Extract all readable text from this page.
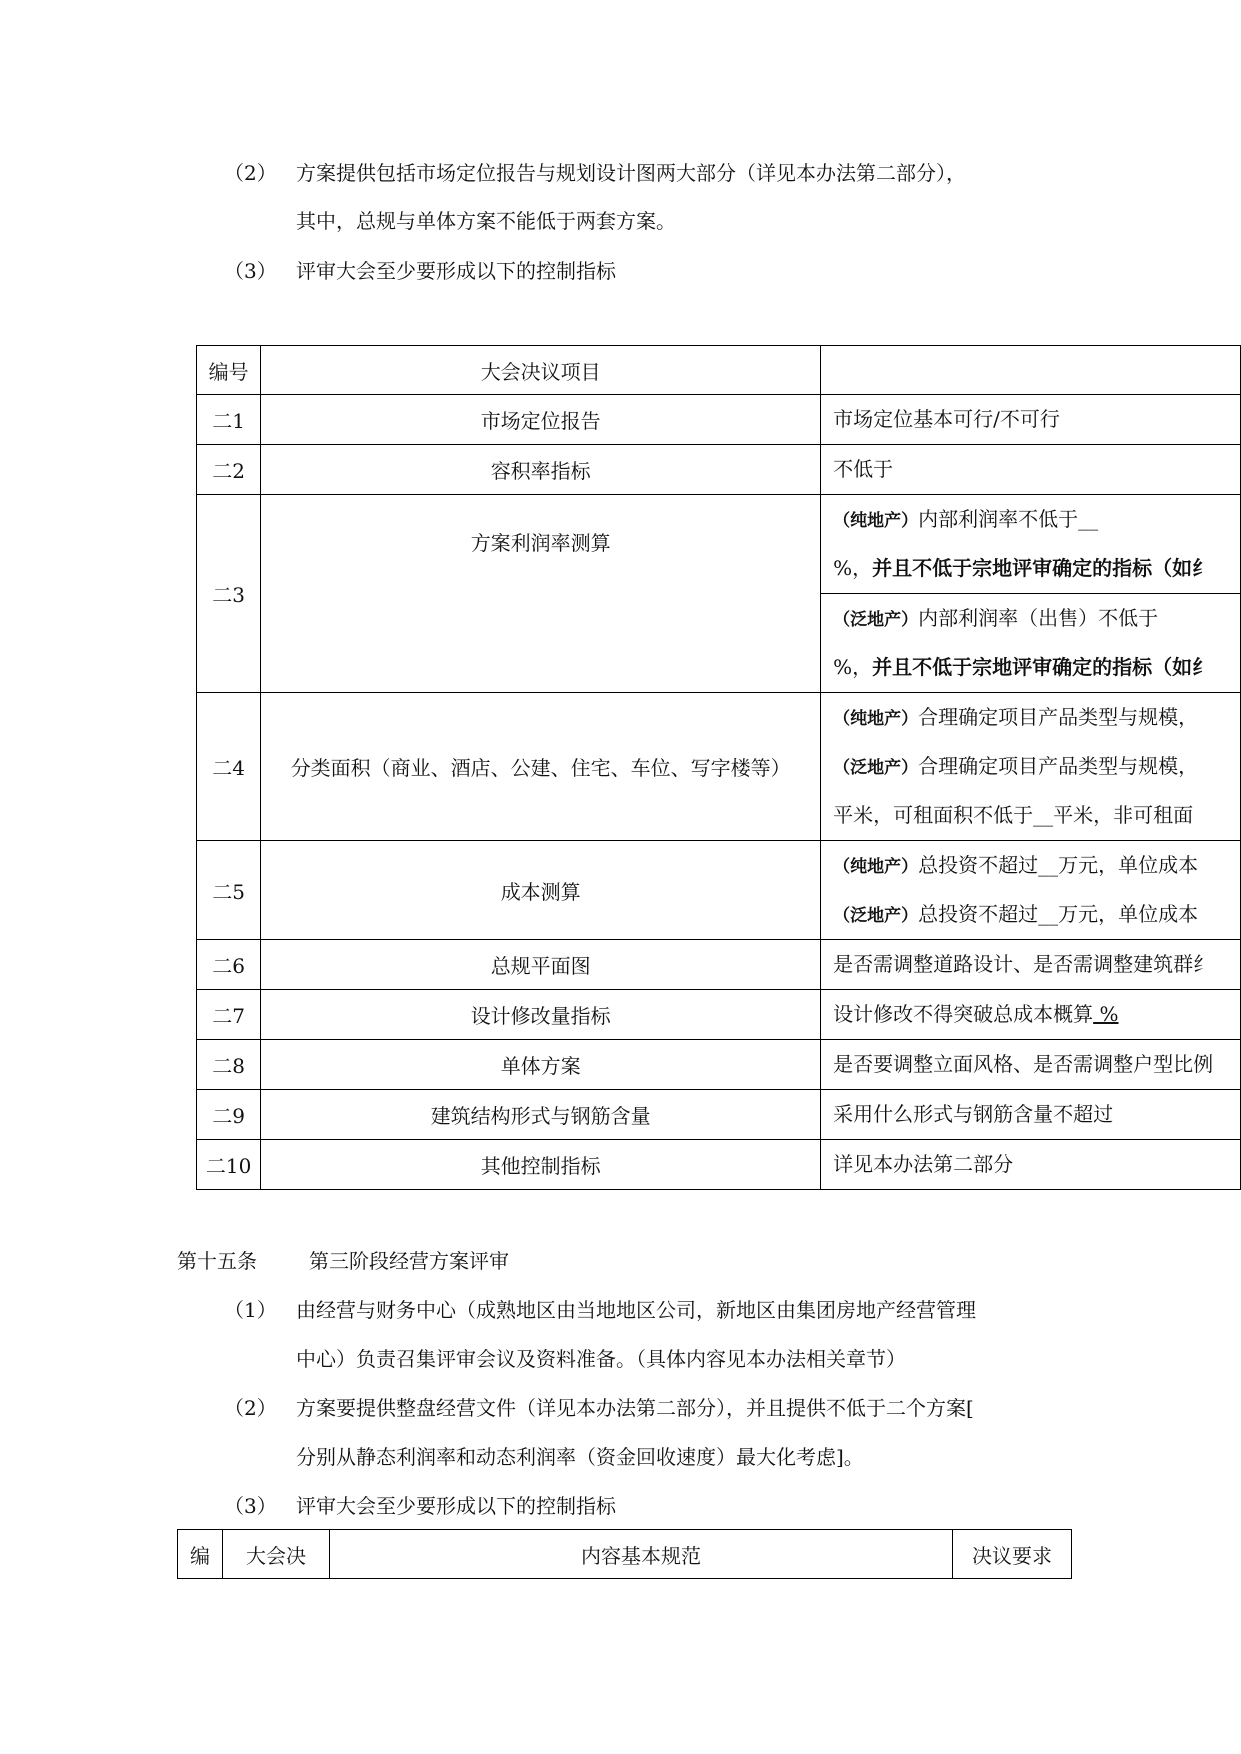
（2） 方案提供包括市场定位报告与规划设计图两大部分（详见本办法第二部分），
其中，总规与单体方案不能低于两套方案。
（3） 评审大会至少要形成以下的控制指标
编号	大会决议项目	
二1	市场定位报告	市场定位基本可行/不可行

二2	容积率指标	不低于

二3	方案利润率测算	（纯地产）内部利润率不低于__
%，并且不低于宗地评审确定的指标（如纟
（泛地产）内部利润率（出售）不低于
%，并且不低于宗地评审确定的指标（如纟

二4	分类面积（商业、酒店、公建、住宅、车位、写字楼等）	（纯地产）合理确定项目产品类型与规模，
（泛地产）合理确定项目产品类型与规模，
平米，可租面积不低于__平米，非可租面

二5	成本测算	（纯地产）总投资不超过__万元，单位成本
（泛地产）总投资不超过__万元，单位成本

二6	总规平面图	是否需调整道路设计、是否需调整建筑群纟

二7	设计修改量指标	设计修改不得突破总成本概算 %

二8	单体方案	是否要调整立面风格、是否需调整户型比例

二9	建筑结构形式与钢筋含量	采用什么形式与钢筋含量不超过

二10	其他控制指标	详见本办法第二部分
第十五条	第三阶段经营方案评审
（1） 由经营与财务中心（成熟地区由当地地区公司，新地区由集团房地产经营管理
中心）负责召集评审会议及资料准备。（具体内容见本办法相关章节）
（2） 方案要提供整盘经营文件（详见本办法第二部分），并且提供不低于二个方案[
分别从静态利润率和动态利润率（资金回收速度）最大化考虑]。
（3） 评审大会至少要形成以下的控制指标
编	大会决	内容基本规范	决议要求
